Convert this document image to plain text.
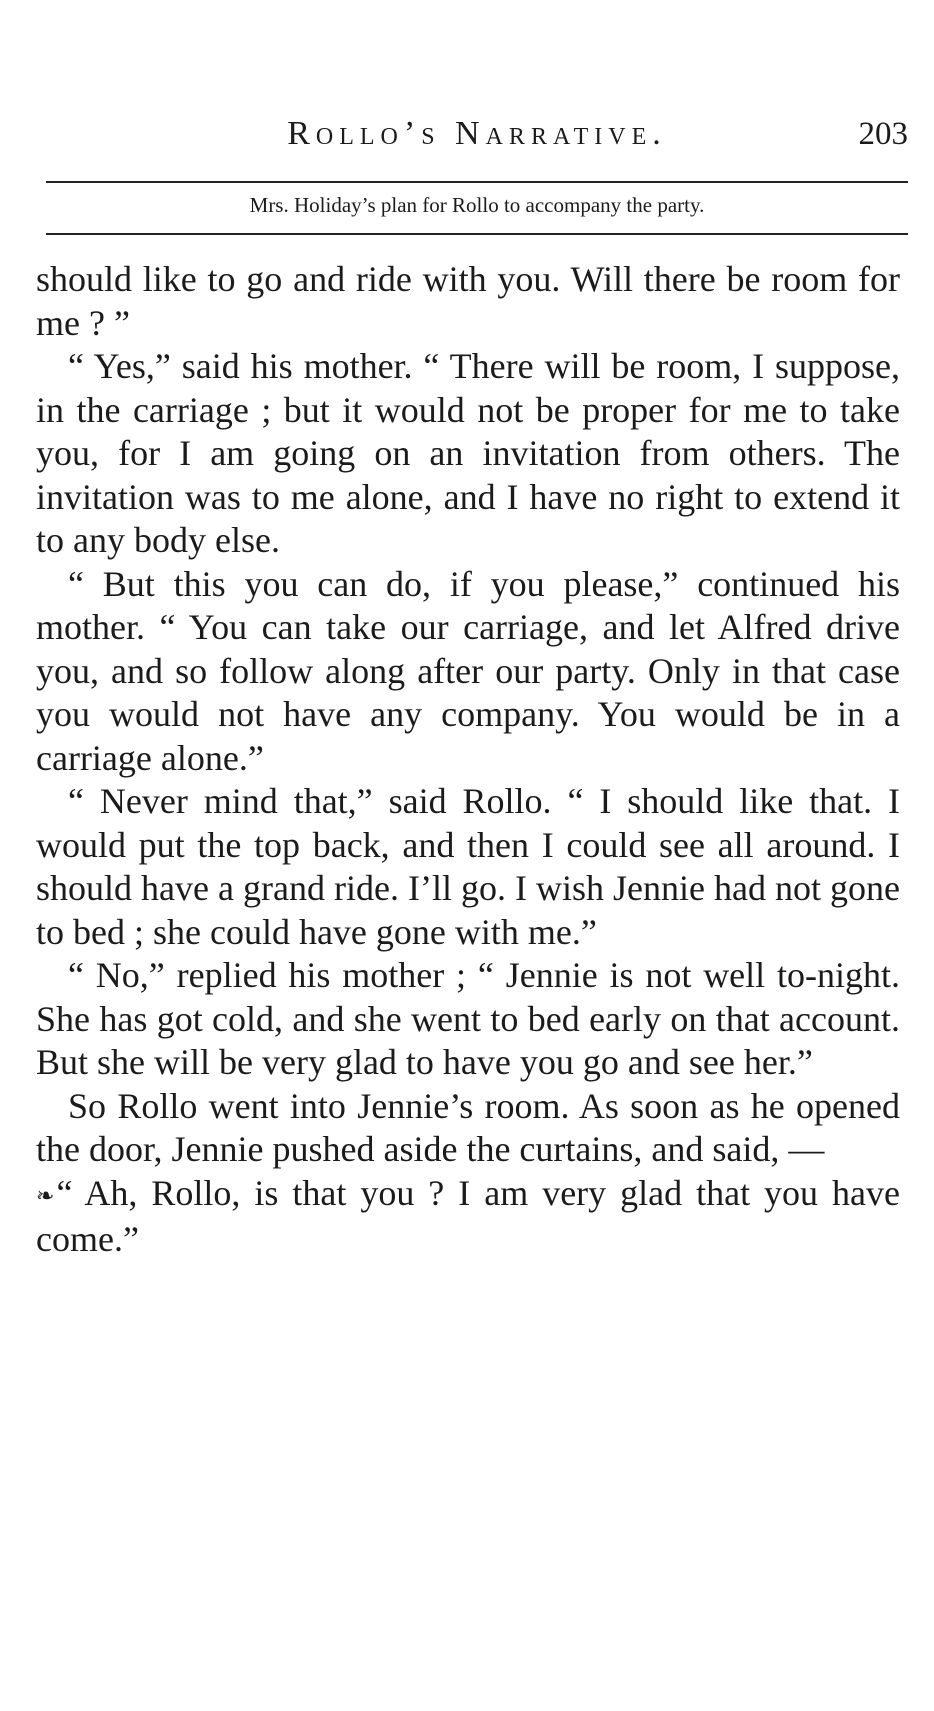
Rollo’s Narrative.	203
Mrs. Holiday’s plan for Rollo to accompany the party.

should like to go and ride with you. Will there be room for me ? ”

“ Yes,” said his mother. “ There will be room, I suppose, in the carriage ; but it would not be proper for me to take you, for I am going on an invitation from others. The invitation was to me alone, and I have no right to extend it to any body else.

“ But this you can do, if you please,” continued his mother. “ You can take our carriage, and let Alfred drive you, and so follow along after our party. Only in that case you would not have any company. You would be in a carriage alone.”

“ Never mind that,” said Rollo. “ I should like that. I would put the top back, and then I could see all around. I should have a grand ride. I’ll go. I wish Jennie had not gone to bed ; she could have gone with me.”

“ No,” replied his mother ; “ Jennie is not well to-night. She has got cold, and she went to bed early on that account. But she will be very glad to have you go and see her.”

So Rollo went into Jennie’s room. As soon as he opened the door, Jennie pushed aside the curtains, and said, —

❧“ Ah, Rollo, is that you ? I am very glad that you have come.”
